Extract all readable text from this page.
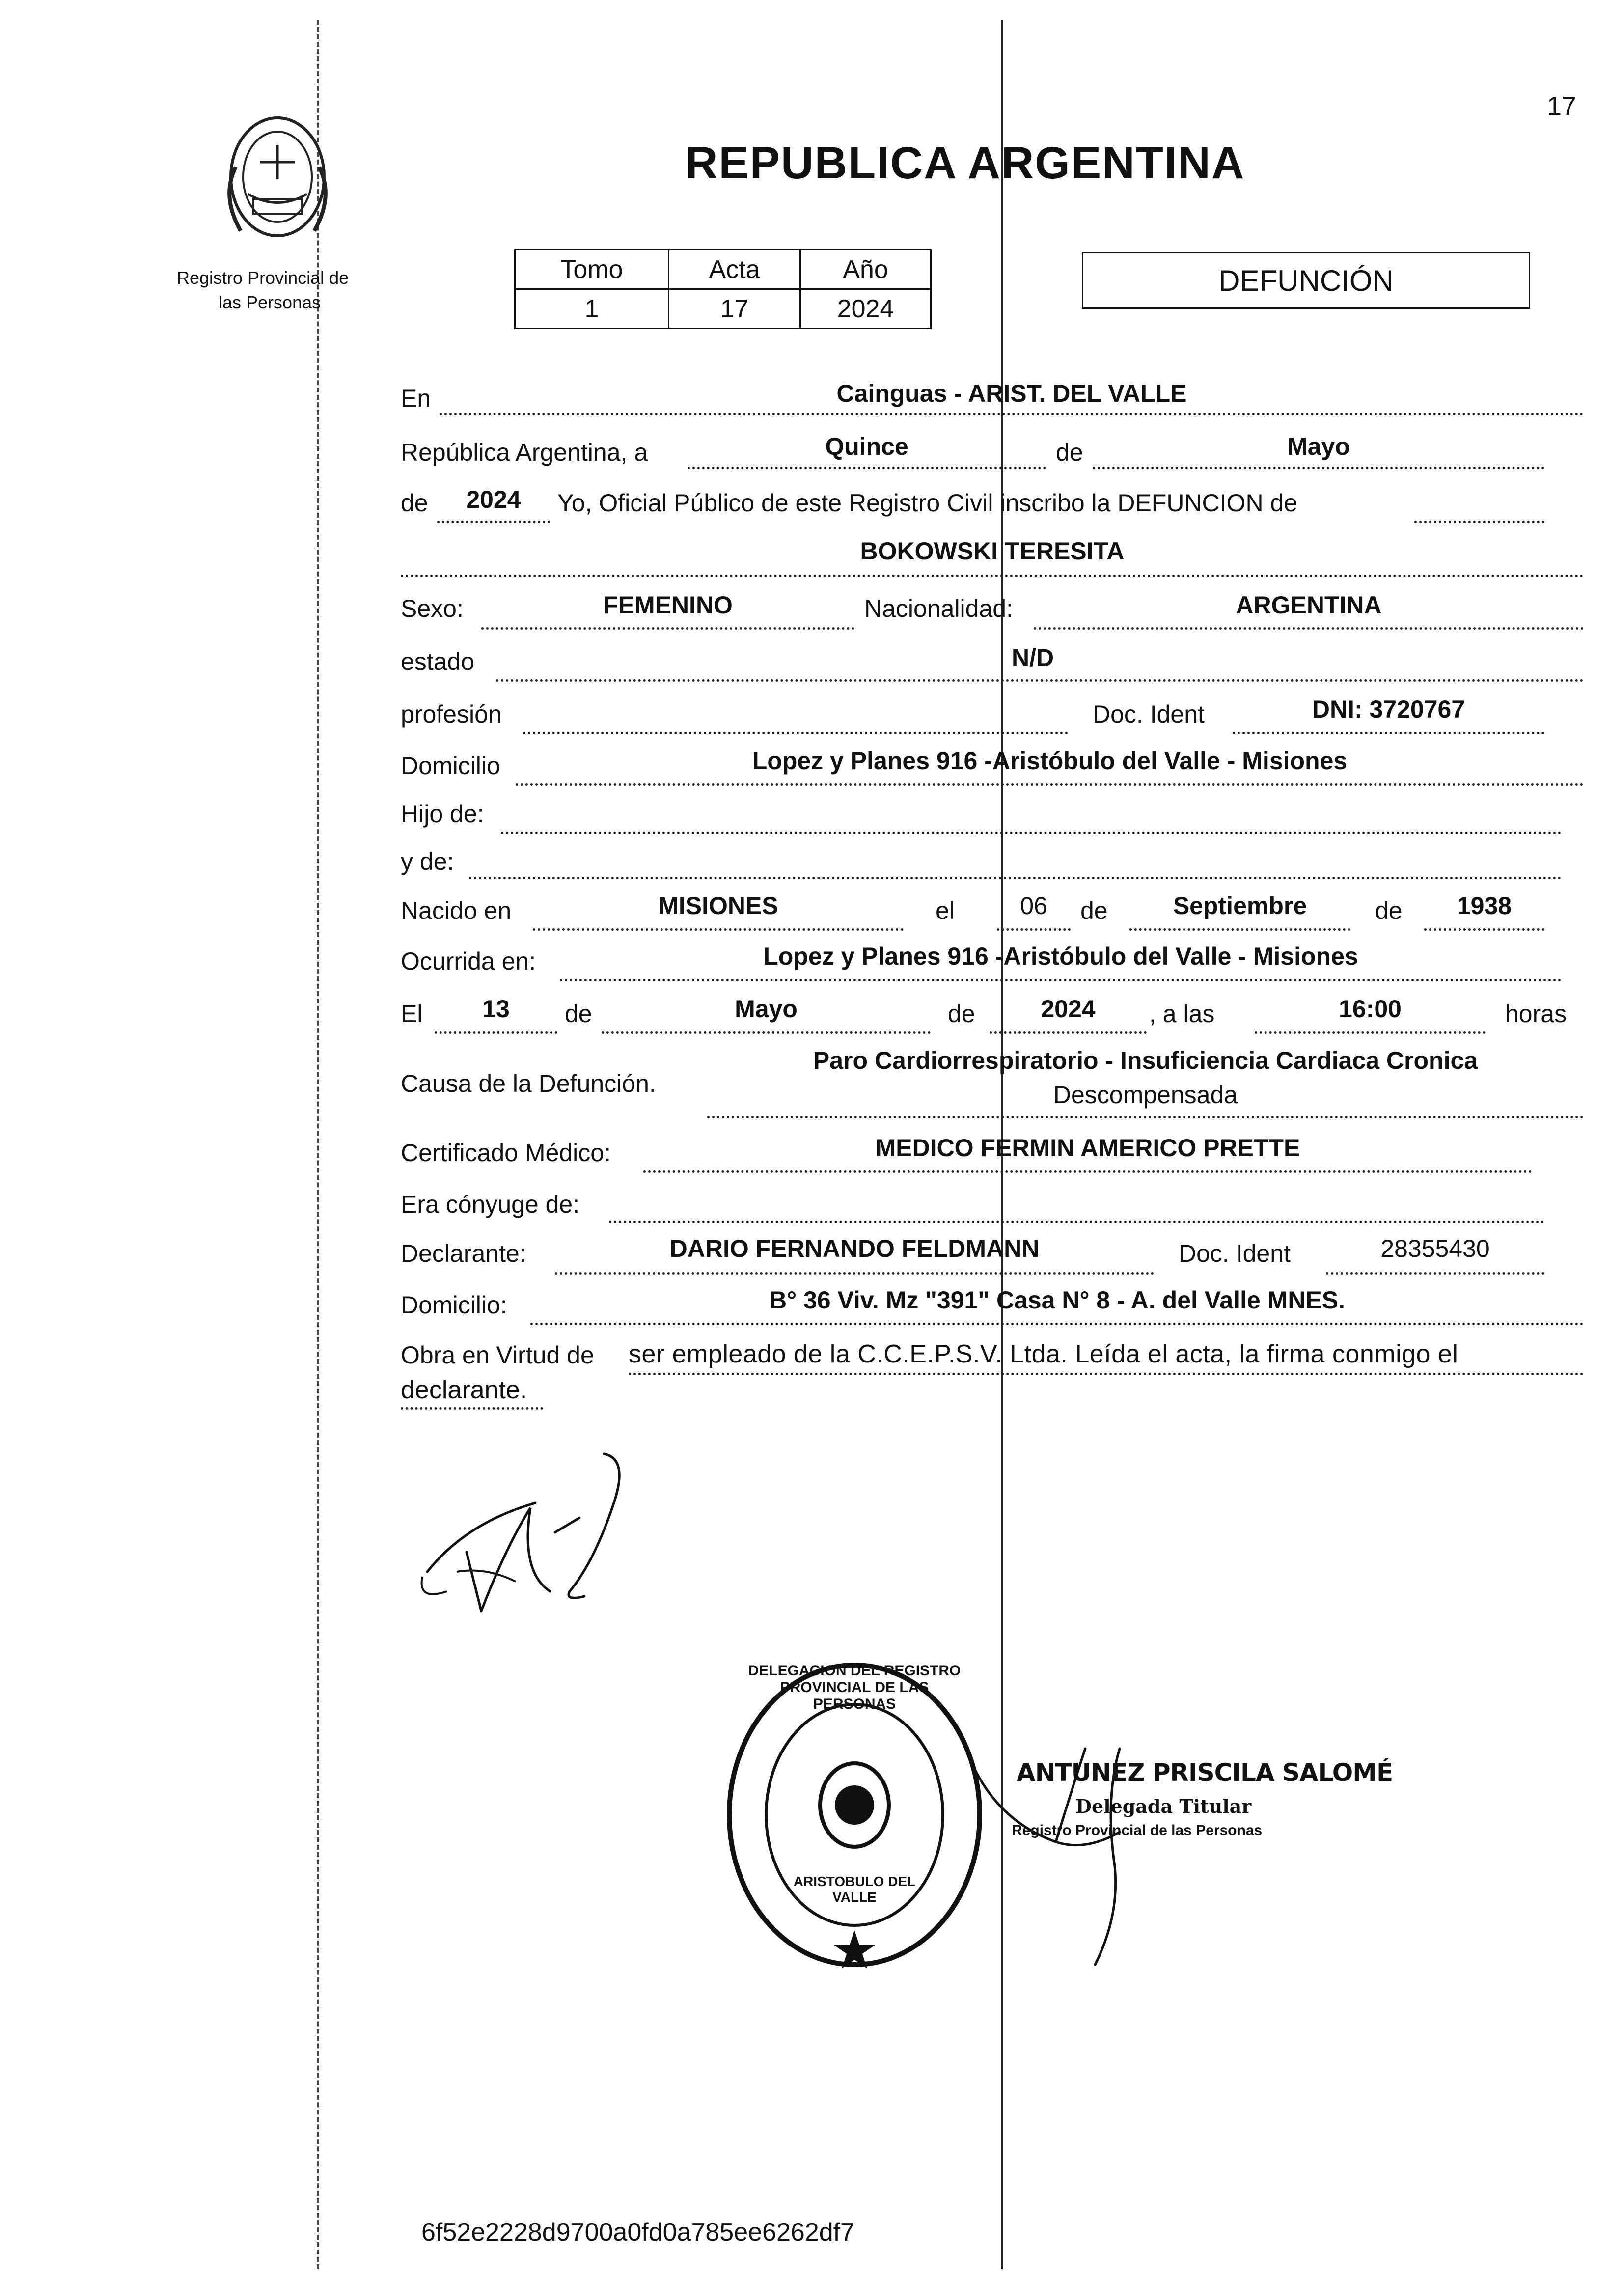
17
Registro Provincial de
las Personas
REPUBLICA ARGENTINA
Tomo	Acta	Año
1	17	2024
DEFUNCIÓN
En	Cainguas - ARIST. DEL VALLE
República Argentina, a	Quince	de	Mayo
de	2024	Yo, Oficial Público de este Registro Civil inscribo la DEFUNCION de
BOKOWSKI TERESITA
Sexo:	FEMENINO	Nacionalidad:	ARGENTINA
estado	N/D
profesión	Doc. Ident	DNI: 3720767
Domicilio	Lopez y Planes 916 -Aristóbulo del Valle - Misiones
Hijo de:
y de:
Nacido en	MISIONES	el	06	de	Septiembre	de	1938
Ocurrida en:	Lopez y Planes 916 -Aristóbulo del Valle - Misiones
El	13	de	Mayo	de	2024	, a las	16:00	horas
Causa de la Defunción.
Paro Cardiorrespiratorio - Insuficiencia Cardiaca Cronica
Descompensada
Certificado Médico:	MEDICO FERMIN AMERICO PRETTE
Era cónyuge de:
Declarante:	DARIO FERNANDO FELDMANN	Doc. Ident	28355430
Domicilio:	B° 36 Viv. Mz "391" Casa N° 8 - A. del Valle MNES.
Obra en Virtud de ser empleado de la C.C.E.P.S.V. Ltda. Leída el acta, la firma conmigo el
declarante.
DELEGACION DEL REGISTRO PROVINCIAL DE LAS PERSONAS
ARISTOBULO DEL VALLE
ANTUNEZ PRISCILA SALOMÉ
Delegada Titular
Registro Provincial de las Personas
6f52e2228d9700a0fd0a785ee6262df7
